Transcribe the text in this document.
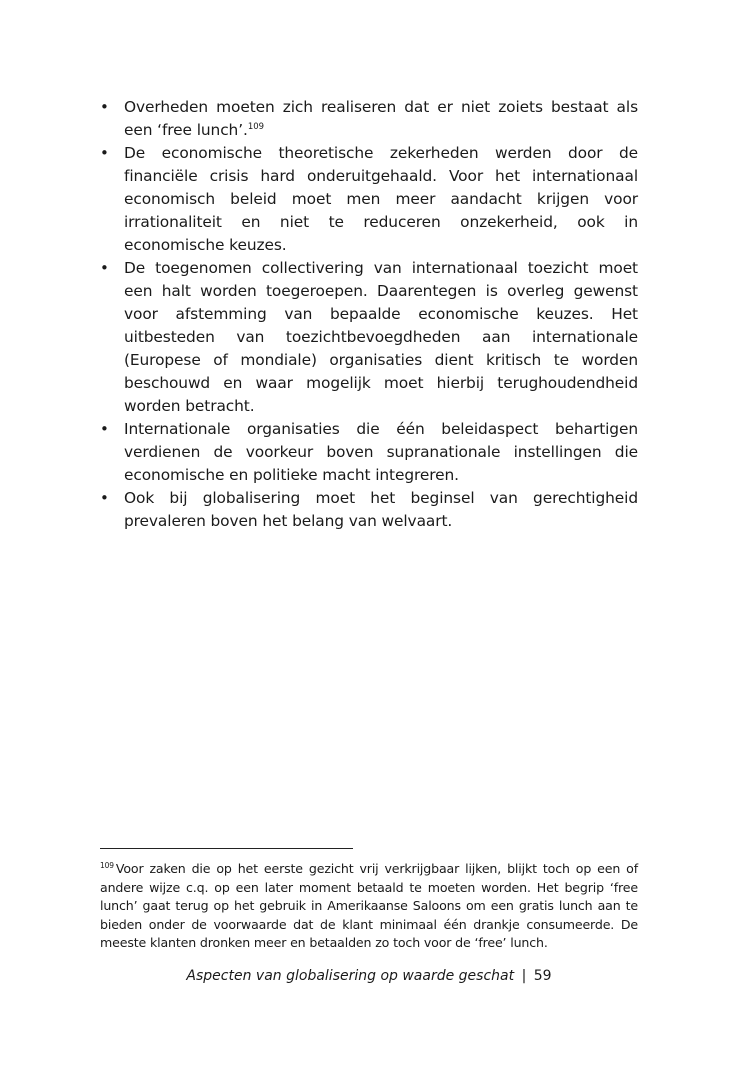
• Overheden moeten zich realiseren dat er niet zoiets bestaat als een ‘free lunch’.$^{109}$
• De economische theoretische zekerheden werden door de financiële crisis hard onderuitgehaald. Voor het internationaal economisch beleid moet men meer aandacht krijgen voor irrationaliteit en niet te reduceren onzekerheid, ook in economische keuzes.
• De toegenomen collectivering van internationaal toezicht moet een halt worden toegeroepen. Daarentegen is overleg gewenst voor afstemming van bepaalde economische keuzes. Het uitbesteden van toezichtbevoegdheden aan internationale (Europese of mondiale) organisaties dient kritisch te worden beschouwd en waar mogelijk moet hierbij terughoudendheid worden betracht.
• Internationale organisaties die één beleidaspect behartigen verdienen de voorkeur boven supranationale instellingen die economische en politieke macht integreren.
• Ook bij globalisering moet het beginsel van gerechtigheid prevaleren boven het belang van welvaart.
$^{109}$ Voor zaken die op het eerste gezicht vrij verkrijgbaar lijken, blijkt toch op een of andere wijze c.q. op een later moment betaald te moeten worden. Het begrip ‘free lunch’ gaat terug op het gebruik in Amerikaanse Saloons om een gratis lunch aan te bieden onder de voorwaarde dat de klant minimaal één drankje consumeerde. De meeste klanten dronken meer en betaalden zo toch voor de ‘free’ lunch.
Aspecten van globalisering op waarde geschat | 59
